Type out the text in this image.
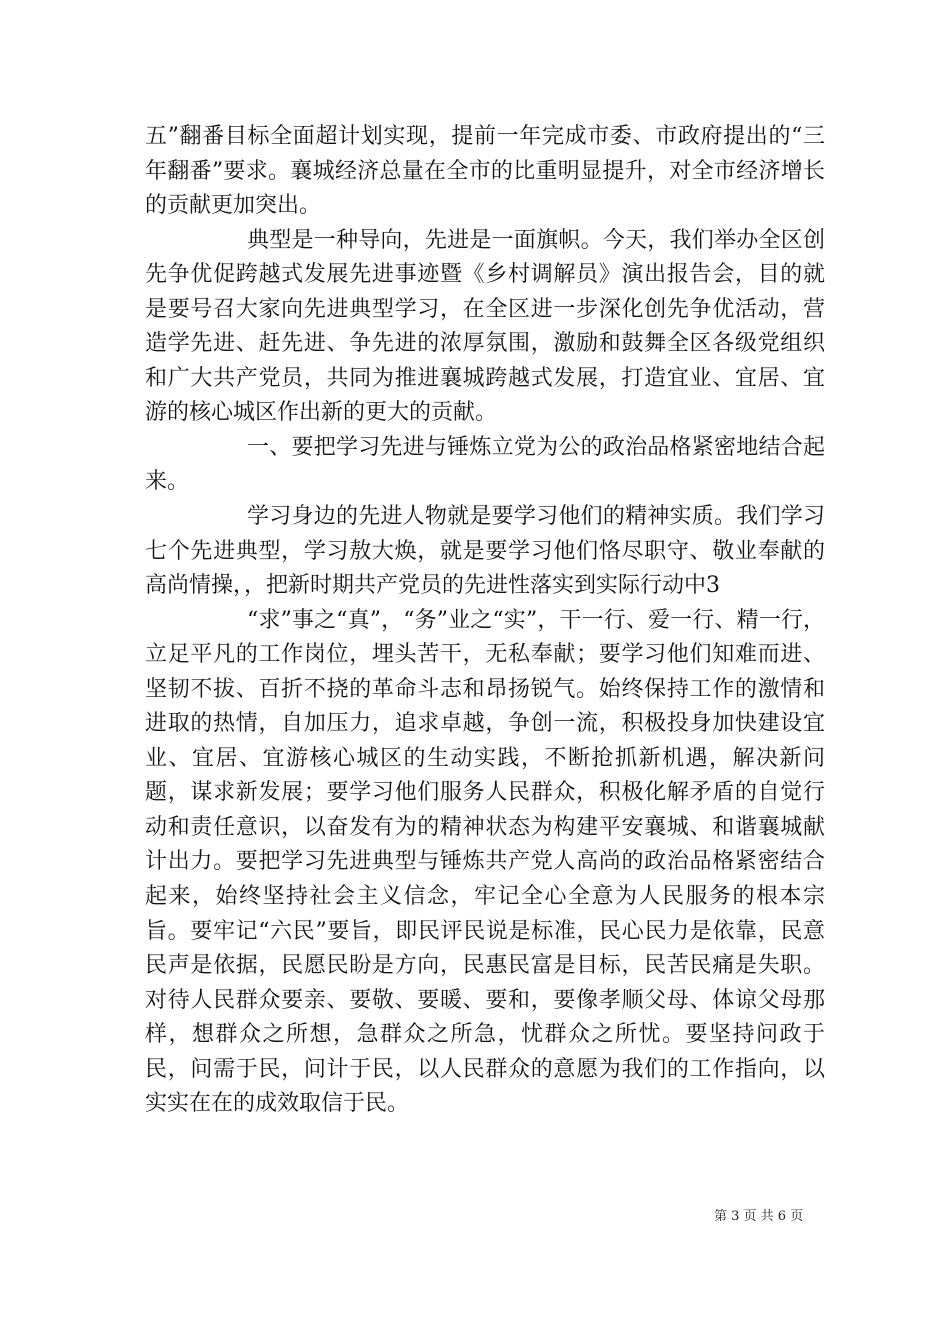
五”翻番目标全面超计划实现，提前一年完成市委、市政府提出的“三年翻番”要求。襄城经济总量在全市的比重明显提升，对全市经济增长的贡献更加突出。

典型是一种导向，先进是一面旗帜。今天，我们举办全区创先争优促跨越式发展先进事迹暨《乡村调解员》演出报告会，目的就是要号召大家向先进典型学习，在全区进一步深化创先争优活动，营造学先进、赶先进、争先进的浓厚氛围，激励和鼓舞全区各级党组织和广大共产党员，共同为推进襄城跨越式发展，打造宜业、宜居、宜游的核心城区作出新的更大的贡献。

一、要把学习先进与锤炼立党为公的政治品格紧密地结合起来。

学习身边的先进人物就是要学习他们的精神实质。我们学习七个先进典型，学习敖大焕，就是要学习他们恪尽职守、敬业奉献的高尚情操，，把新时期共产党员的先进性落实到实际行动中3

“求”事之“真”，“务”业之“实”，干一行、爱一行、精一行，立足平凡的工作岗位，埋头苦干，无私奉献；要学习他们知难而进、坚韧不拔、百折不挠的革命斗志和昂扬锐气。始终保持工作的激情和进取的热情，自加压力，追求卓越，争创一流，积极投身加快建设宜业、宜居、宜游核心城区的生动实践，不断抢抓新机遇，解决新问题，谋求新发展；要学习他们服务人民群众，积极化解矛盾的自觉行动和责任意识，以奋发有为的精神状态为构建平安襄城、和谐襄城献计出力。要把学习先进典型与锤炼共产党人高尚的政治品格紧密结合起来，始终坚持社会主义信念，牢记全心全意为人民服务的根本宗旨。要牢记“六民”要旨，即民评民说是标准，民心民力是依靠，民意民声是依据，民愿民盼是方向，民惠民富是目标，民苦民痛是失职。对待人民群众要亲、要敬、要暖、要和，要像孝顺父母、体谅父母那样，想群众之所想，急群众之所急，忧群众之所忧。要坚持问政于民，问需于民，问计于民，以人民群众的意愿为我们的工作指向，以实实在在的成效取信于民。

第 3 页 共 6 页
